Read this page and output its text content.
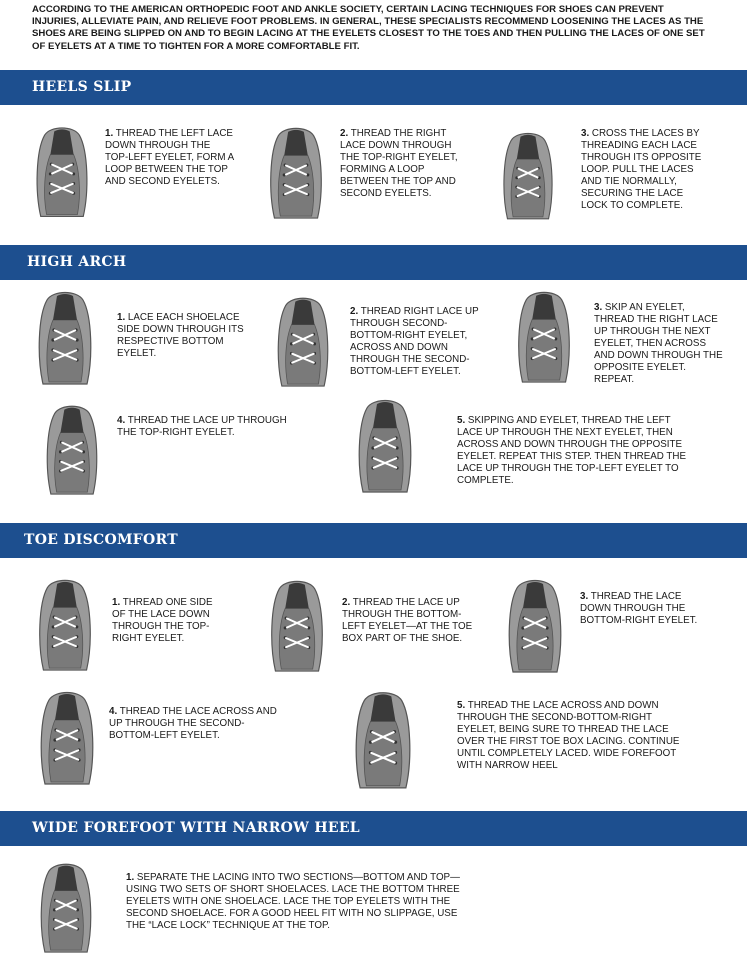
ACCORDING TO THE AMERICAN ORTHOPEDIC FOOT AND ANKLE SOCIETY, CERTAIN LACING TECHNIQUES FOR SHOES CAN PREVENT INJURIES, ALLEVIATE PAIN, AND RELIEVE FOOT PROBLEMS. IN GENERAL, THESE SPECIALISTS RECOMMEND LOOSENING THE LACES AS THE SHOES ARE BEING SLIPPED ON AND TO BEGIN LACING AT THE EYELETS CLOSEST TO THE TOES AND THEN PULLING THE LACES OF ONE SET OF EYELETS AT A TIME TO TIGHTEN FOR A MORE COMFORTABLE FIT.

HEELS SLIP

1. THREAD THE LEFT LACE DOWN THROUGH THE TOP-LEFT EYELET, FORM A LOOP BETWEEN THE TOP AND SECOND EYELETS.

2. THREAD THE RIGHT LACE DOWN THROUGH THE TOP-RIGHT EYELET, FORMING A LOOP BETWEEN THE TOP AND SECOND EYELETS.

3. CROSS THE LACES BY THREADING EACH LACE THROUGH ITS OPPOSITE LOOP. PULL THE LACES AND TIE NORMALLY, SECURING THE LACE LOCK TO COMPLETE.

HIGH ARCH

1. LACE EACH SHOELACE SIDE DOWN THROUGH ITS RESPECTIVE BOTTOM EYELET.

2. THREAD RIGHT LACE UP THROUGH SECOND-BOTTOM-RIGHT EYELET, ACROSS AND DOWN THROUGH THE SECOND-BOTTOM-LEFT EYELET.

3. SKIP AN EYELET, THREAD THE RIGHT LACE UP THROUGH THE NEXT EYELET, THEN ACROSS AND DOWN THROUGH THE OPPOSITE EYELET. REPEAT.

4. THREAD THE LACE UP THROUGH THE TOP-RIGHT EYELET.

5. SKIPPING AND EYELET, THREAD THE LEFT LACE UP THROUGH THE NEXT EYELET, THEN ACROSS AND DOWN THROUGH THE OPPOSITE EYELET. REPEAT THIS STEP. THEN THREAD THE LACE UP THROUGH THE TOP-LEFT EYELET TO COMPLETE.

TOE DISCOMFORT

1. THREAD ONE SIDE OF THE LACE DOWN THROUGH THE TOP-RIGHT EYELET.

2. THREAD THE LACE UP THROUGH THE BOTTOM-LEFT EYELET—AT THE TOE BOX PART OF THE SHOE.

3. THREAD THE LACE DOWN THROUGH THE BOTTOM-RIGHT EYELET.

4. THREAD THE LACE ACROSS AND UP THROUGH THE SECOND-BOTTOM-LEFT EYELET.

5. THREAD THE LACE ACROSS AND DOWN THROUGH THE SECOND-BOTTOM-RIGHT EYELET, BEING SURE TO THREAD THE LACE OVER THE FIRST TOE BOX LACING. CONTINUE UNTIL COMPLETELY LACED. WIDE FOREFOOT WITH NARROW HEEL

WIDE FOREFOOT WITH NARROW HEEL

1. SEPARATE THE LACING INTO TWO SECTIONS—BOTTOM AND TOP—USING TWO SETS OF SHORT SHOELACES. LACE THE BOTTOM THREE EYELETS WITH ONE SHOELACE. LACE THE TOP EYELETS WITH THE SECOND SHOELACE. FOR A GOOD HEEL FIT WITH NO SLIPPAGE, USE THE “LACE LOCK” TECHNIQUE AT THE TOP.
